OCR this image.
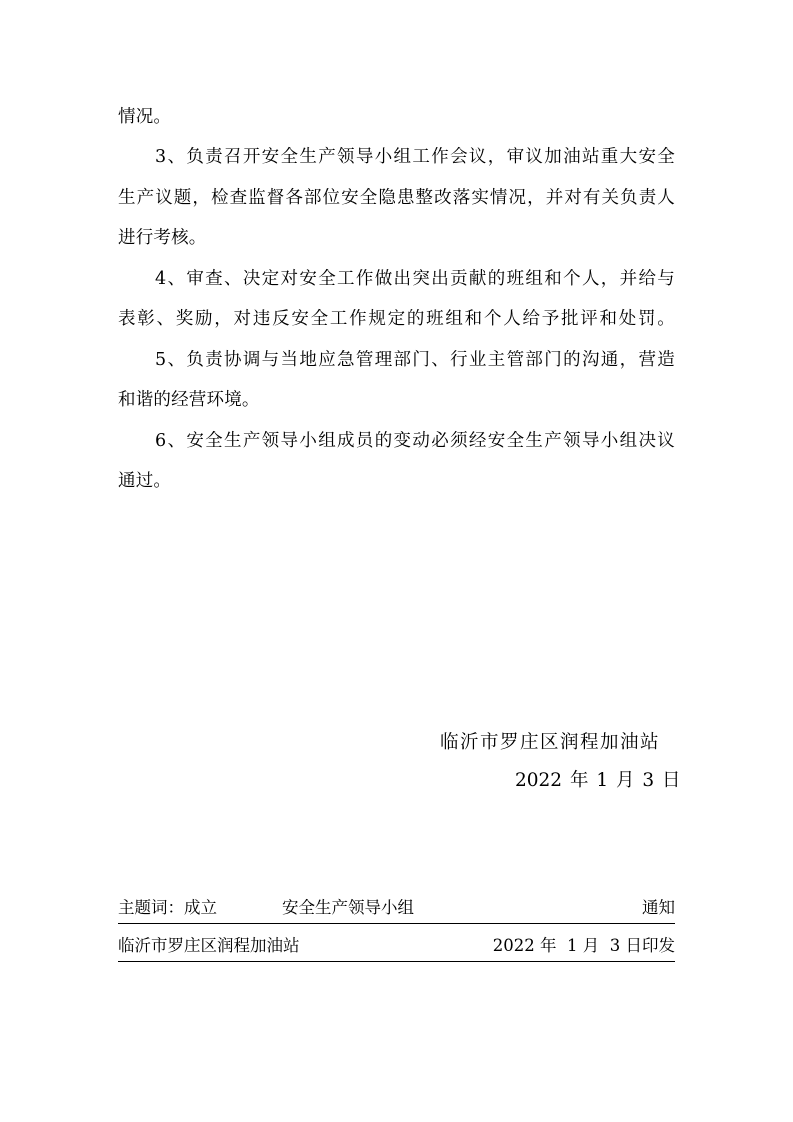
情况。
3、负责召开安全生产领导小组工作会议，审议加油站重大安全
生产议题，检查监督各部位安全隐患整改落实情况，并对有关负责人
进行考核。
4、审查、决定对安全工作做出突出贡献的班组和个人，并给与
表彰、奖励，对违反安全工作规定的班组和个人给予批评和处罚。
5、负责协调与当地应急管理部门、行业主管部门的沟通，营造
和谐的经营环境。
6、安全生产领导小组成员的变动必须经安全生产领导小组决议
通过。
临沂市罗庄区润程加油站
2022 年 1 月 3 日
主题词：成立	安全生产领导小组	通知
临沂市罗庄区润程加油站	2022 年  1 月  3 日印发
